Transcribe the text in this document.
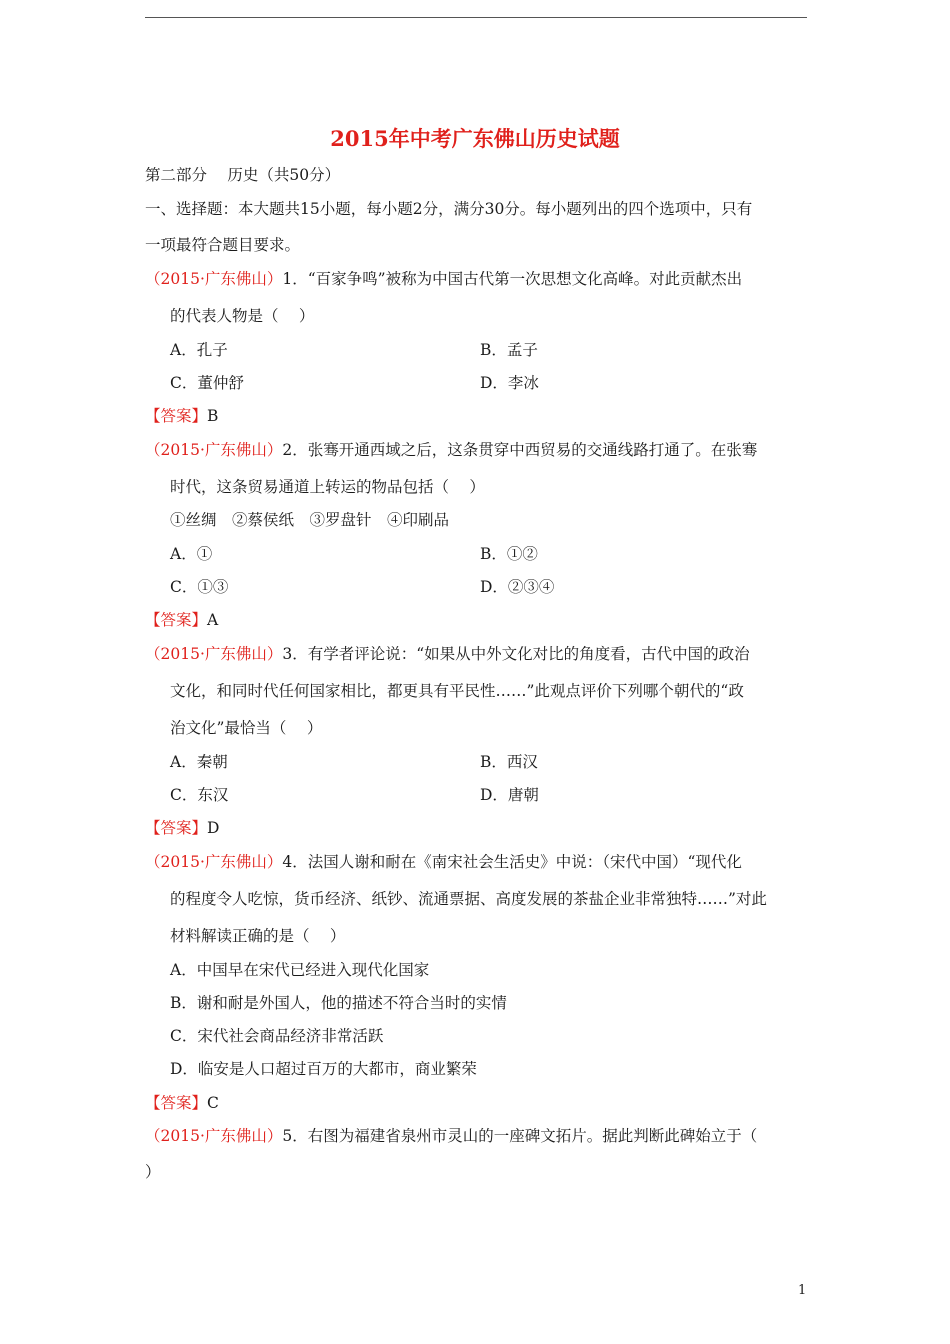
2015年中考广东佛山历史试题
第二部分　 历史（共50分）
一、选择题：本大题共15小题，每小题2分，满分30分。每小题列出的四个选项中，只有
一项最符合题目要求。
（2015·广东佛山）1．“百家争鸣”被称为中国古代第一次思想文化高峰。对此贡献杰出
的代表人物是（　 ）
A．孔子	B．孟子
C．董仲舒	D．李冰
【答案】B
（2015·广东佛山）2．张骞开通西域之后，这条贯穿中西贸易的交通线路打通了。在张骞
时代，这条贸易通道上转运的物品包括（　 ）
①丝绸　②蔡侯纸　③罗盘针　④印刷品
A．①	B．①②
C．①③	D．②③④
【答案】A
（2015·广东佛山）3．有学者评论说：“如果从中外文化对比的角度看，古代中国的政治
文化，和同时代任何国家相比，都更具有平民性……”此观点评价下列哪个朝代的“政
治文化”最恰当（　 ）
A．秦朝	B．西汉
C．东汉	D．唐朝
【答案】D
（2015·广东佛山）4．法国人谢和耐在《南宋社会生活史》中说：（宋代中国）“现代化
的程度令人吃惊，货币经济、纸钞、流通票据、高度发展的茶盐企业非常独特……”对此
材料解读正确的是（　 ）
A．中国早在宋代已经进入现代化国家
B．谢和耐是外国人，他的描述不符合当时的实情
C．宋代社会商品经济非常活跃
D．临安是人口超过百万的大都市，商业繁荣
【答案】C
（2015·广东佛山）5．右图为福建省泉州市灵山的一座碑文拓片。据此判断此碑始立于（
）
1
